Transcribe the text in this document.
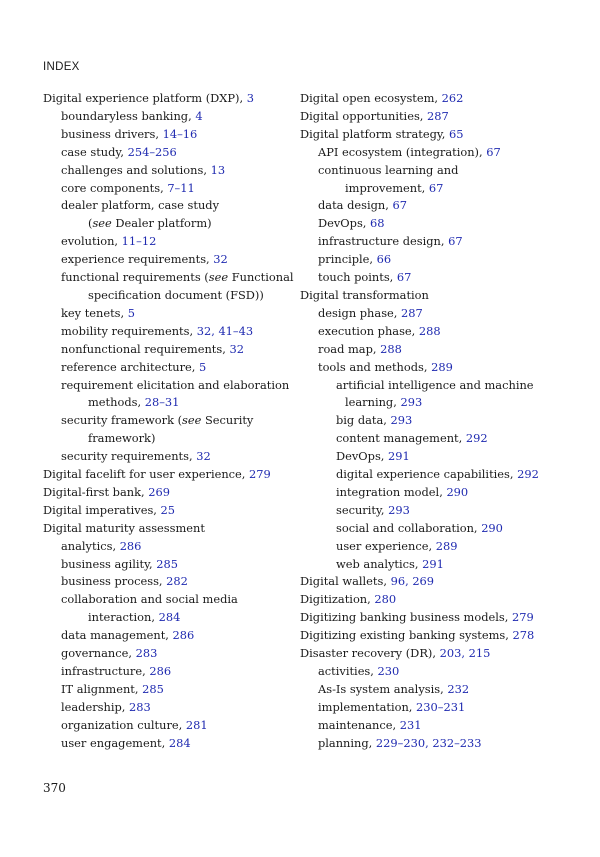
INDEX
Digital experience platform (DXP), 3
boundaryless banking, 4
business drivers, 14–16
case study, 254–256
challenges and solutions, 13
core components, 7–11
dealer platform, case study
(see Dealer platform)
evolution, 11–12
experience requirements, 32
functional requirements (see Functional
specification document (FSD))
key tenets, 5
mobility requirements, 32, 41–43
nonfunctional requirements, 32
reference architecture, 5
requirement elicitation and elaboration
methods, 28–31
security framework (see Security
framework)
security requirements, 32
Digital facelift for user experience, 279
Digital-first bank, 269
Digital imperatives, 25
Digital maturity assessment
analytics, 286
business agility, 285
business process, 282
collaboration and social media
interaction, 284
data management, 286
governance, 283
infrastructure, 286
IT alignment, 285
leadership, 283
organization culture, 281
user engagement, 284
Digital open ecosystem, 262
Digital opportunities, 287
Digital platform strategy, 65
API ecosystem (integration), 67
continuous learning and
improvement, 67
data design, 67
DevOps, 68
infrastructure design, 67
principle, 66
touch points, 67
Digital transformation
design phase, 287
execution phase, 288
road map, 288
tools and methods, 289
artificial intelligence and machine
learning, 293
big data, 293
content management, 292
DevOps, 291
digital experience capabilities, 292
integration model, 290
security, 293
social and collaboration, 290
user experience, 289
web analytics, 291
Digital wallets, 96, 269
Digitization, 280
Digitizing banking business models, 279
Digitizing existing banking systems, 278
Disaster recovery (DR), 203, 215
activities, 230
As-Is system analysis, 232
implementation, 230–231
maintenance, 231
planning, 229–230, 232–233
370
